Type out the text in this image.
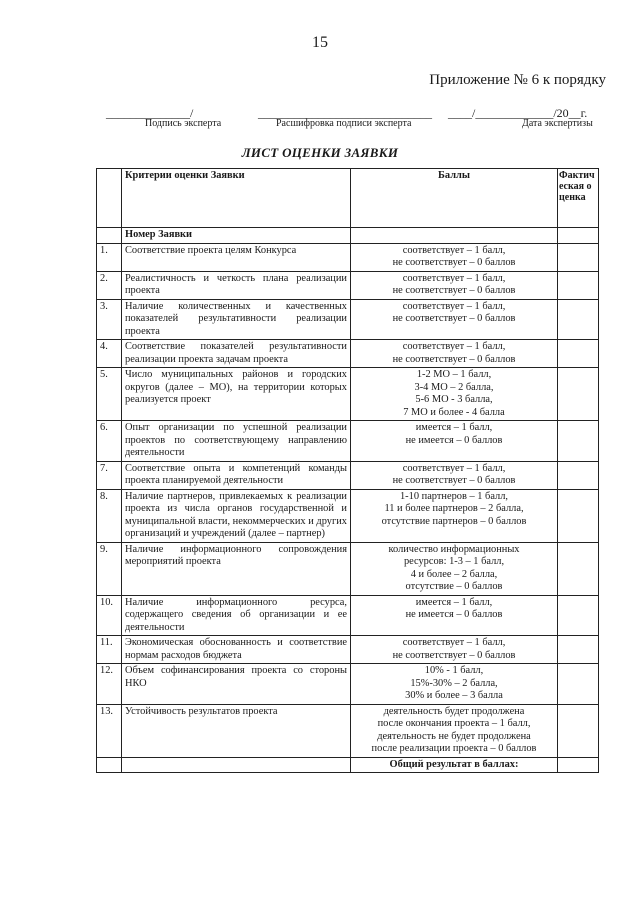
15
Приложение № 6 к порядку
______________/	_____________________________ ____/_____________/20__г.
Подпись эксперта	Расшифровка подписи эксперта	Дата экспертизы
ЛИСТ ОЦЕНКИ ЗАЯВКИ
	Критерии оценки Заявки	Баллы	Фактическая оценка
	Номер Заявки		
1.	Соответствие проекта целям Конкурса	соответствует – 1 балл,
не соответствует – 0 баллов	

2.	Реалистичность и четкость плана реализации проекта	соответствует – 1 балл,
не соответствует – 0 баллов	

3.	Наличие количественных и качественных показателей результативности реализации проекта	соответствует – 1 балл,
не соответствует – 0 баллов	

4.	Соответствие показателей результативности реализации проекта задачам проекта	соответствует – 1 балл,
не соответствует – 0 баллов	

5.	Число муниципальных районов и городских округов (далее – МО), на территории которых реализуется проект	1-2 МО – 1 балл,
3-4 МО – 2 балла,
5-6 МО - 3 балла,
7 МО и более - 4 балла	

6.	Опыт организации по успешной реализации проектов по соответствующему направлению деятельности	имеется – 1 балл,
не имеется – 0 баллов	

7.	Соответствие опыта и компетенций команды проекта планируемой деятельности	соответствует – 1 балл,
не соответствует – 0 баллов	

8.	Наличие партнеров, привлекаемых к реализации проекта из числа органов государственной и муниципальной власти, некоммерческих и других организаций и учреждений (далее – партнер)	1-10 партнеров – 1 балл,
11 и более партнеров – 2 балла,
отсутствие партнеров – 0 баллов	

9.	Наличие информационного сопровождения мероприятий проекта	количество информационных
ресурсов: 1-3 – 1 балл,
4 и более – 2 балла,
отсутствие – 0 баллов	

10.	Наличие информационного ресурса, содержащего сведения об организации и ее деятельности	имеется – 1 балл,
не имеется – 0 баллов	

11.	Экономическая обоснованность и соответствие нормам расходов бюджета	соответствует – 1 балл,
не соответствует – 0 баллов	

12.	Объем софинансирования проекта со стороны НКО	10% - 1 балл,
15%-30% – 2 балла,
30% и более – 3 балла	

13.	Устойчивость результатов проекта	деятельность будет продолжена
после окончания проекта – 1 балл,
деятельность не будет продолжена
после реализации проекта – 0 баллов	

		Общий результат в баллах:	
